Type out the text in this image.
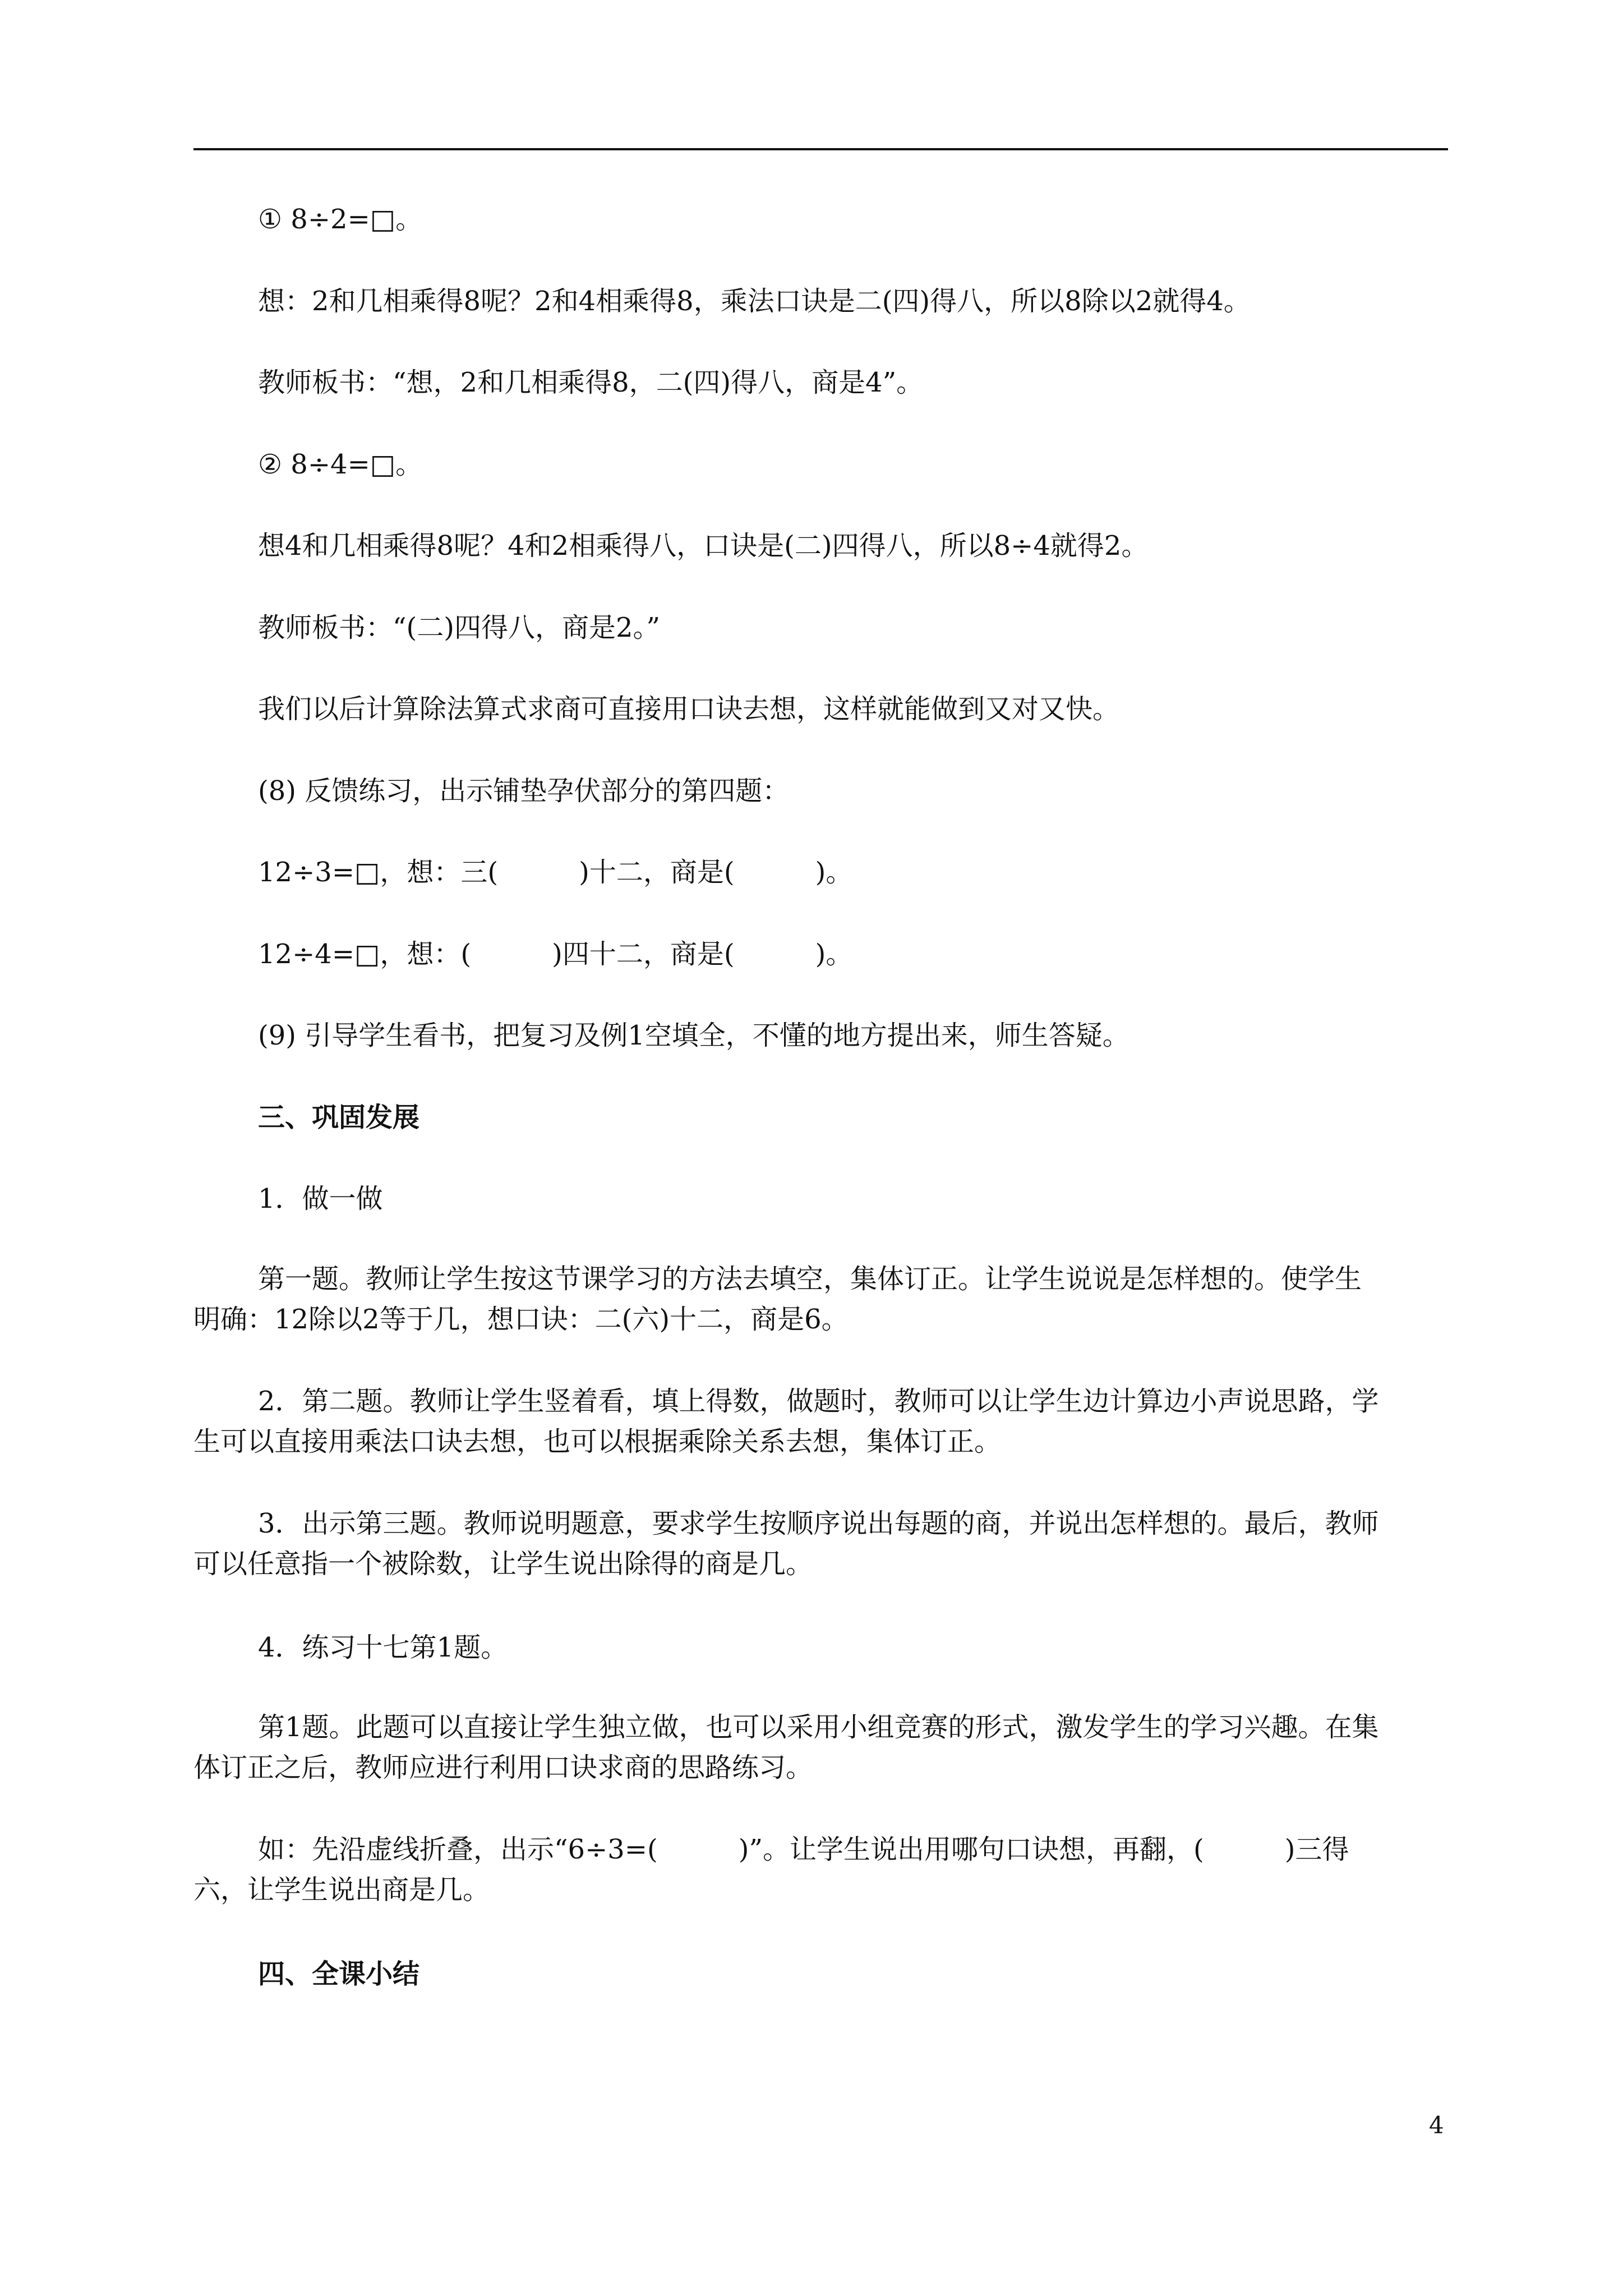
① 8÷2=□。

想：2和几相乘得8呢？2和4相乘得8，乘法口诀是二(四)得八，所以8除以2就得4。

教师板书：“想，2和几相乘得8，二(四)得八，商是4”。

② 8÷4=□。

想4和几相乘得8呢？4和2相乘得八，口诀是(二)四得八，所以8÷4就得2。

教师板书：“(二)四得八，商是2。”

我们以后计算除法算式求商可直接用口诀去想，这样就能做到又对又快。

(8) 反馈练习，出示铺垫孕伏部分的第四题：

12÷3=□，想：三(　　　)十二，商是(　　　)。

12÷4=□，想：(　　　)四十二，商是(　　　)。

(9) 引导学生看书，把复习及例1空填全，不懂的地方提出来，师生答疑。

三、巩固发展

1．做一做

第一题。教师让学生按这节课学习的方法去填空，集体订正。让学生说说是怎样想的。使学生明确：12除以2等于几，想口诀：二(六)十二，商是6。

2．第二题。教师让学生竖着看，填上得数，做题时，教师可以让学生边计算边小声说思路，学生可以直接用乘法口诀去想，也可以根据乘除关系去想，集体订正。

3．出示第三题。教师说明题意，要求学生按顺序说出每题的商，并说出怎样想的。最后，教师可以任意指一个被除数，让学生说出除得的商是几。

4．练习十七第1题。

第1题。此题可以直接让学生独立做，也可以采用小组竞赛的形式，激发学生的学习兴趣。在集体订正之后，教师应进行利用口诀求商的思路练习。

如：先沿虚线折叠，出示“6÷3=(　　　)”。让学生说出用哪句口诀想，再翻，(　　　)三得六，让学生说出商是几。

四、全课小结
4
